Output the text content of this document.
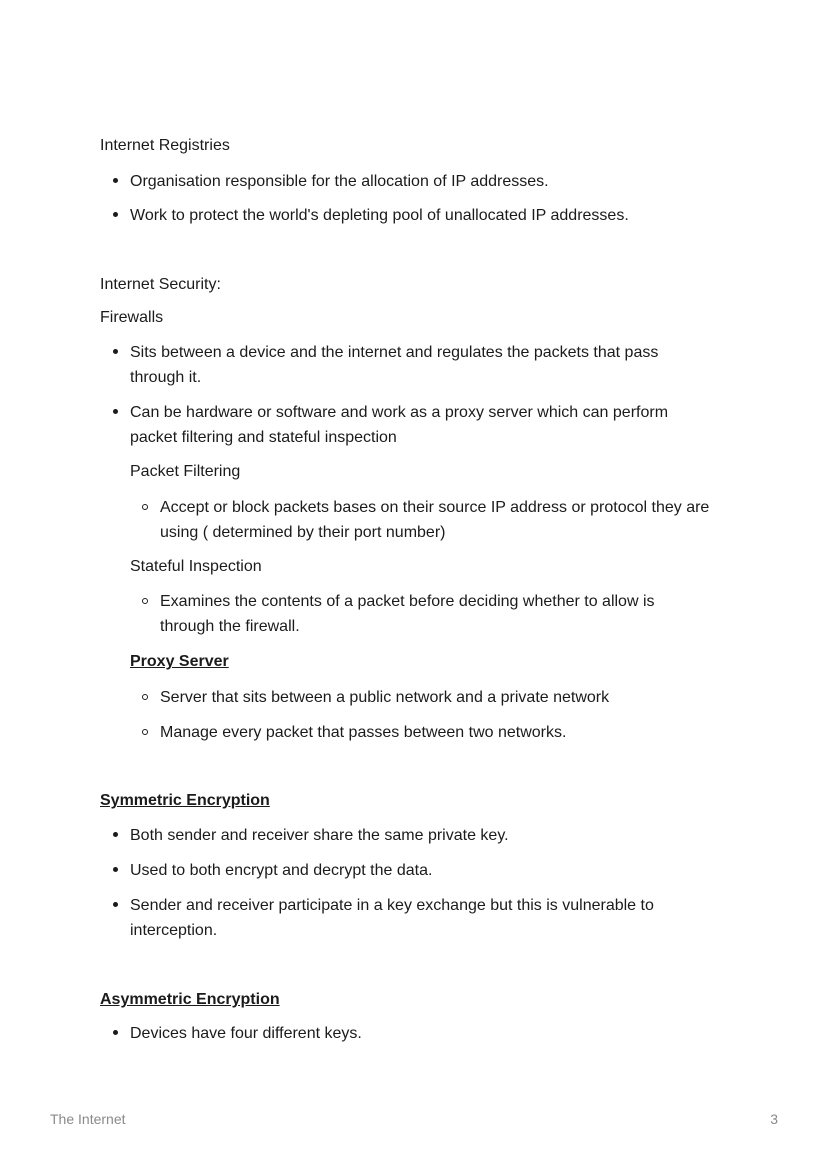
Internet Registries

Organisation responsible for the allocation of IP addresses.
Work to protect the world's depleting pool of unallocated IP addresses.

Internet Security:

Firewalls

Sits between a device and the internet and regulates the packets that pass through it.
Can be hardware or software and work as a proxy server which can perform packet filtering and stateful inspection

Packet Filtering

Accept or block packets bases on their source IP address or protocol they are using ( determined by their port number)

Stateful Inspection

Examines the contents of a packet before deciding whether to allow is through the firewall.

Proxy Server

Server that sits between a public network and a private network
Manage every packet that passes between two networks.

Symmetric Encryption

Both sender and receiver share the same private key.
Used to both encrypt and decrypt the data.
Sender and receiver participate in a key exchange but this is vulnerable to interception.

Asymmetric Encryption

Devices have four different keys.
The Internet	3
